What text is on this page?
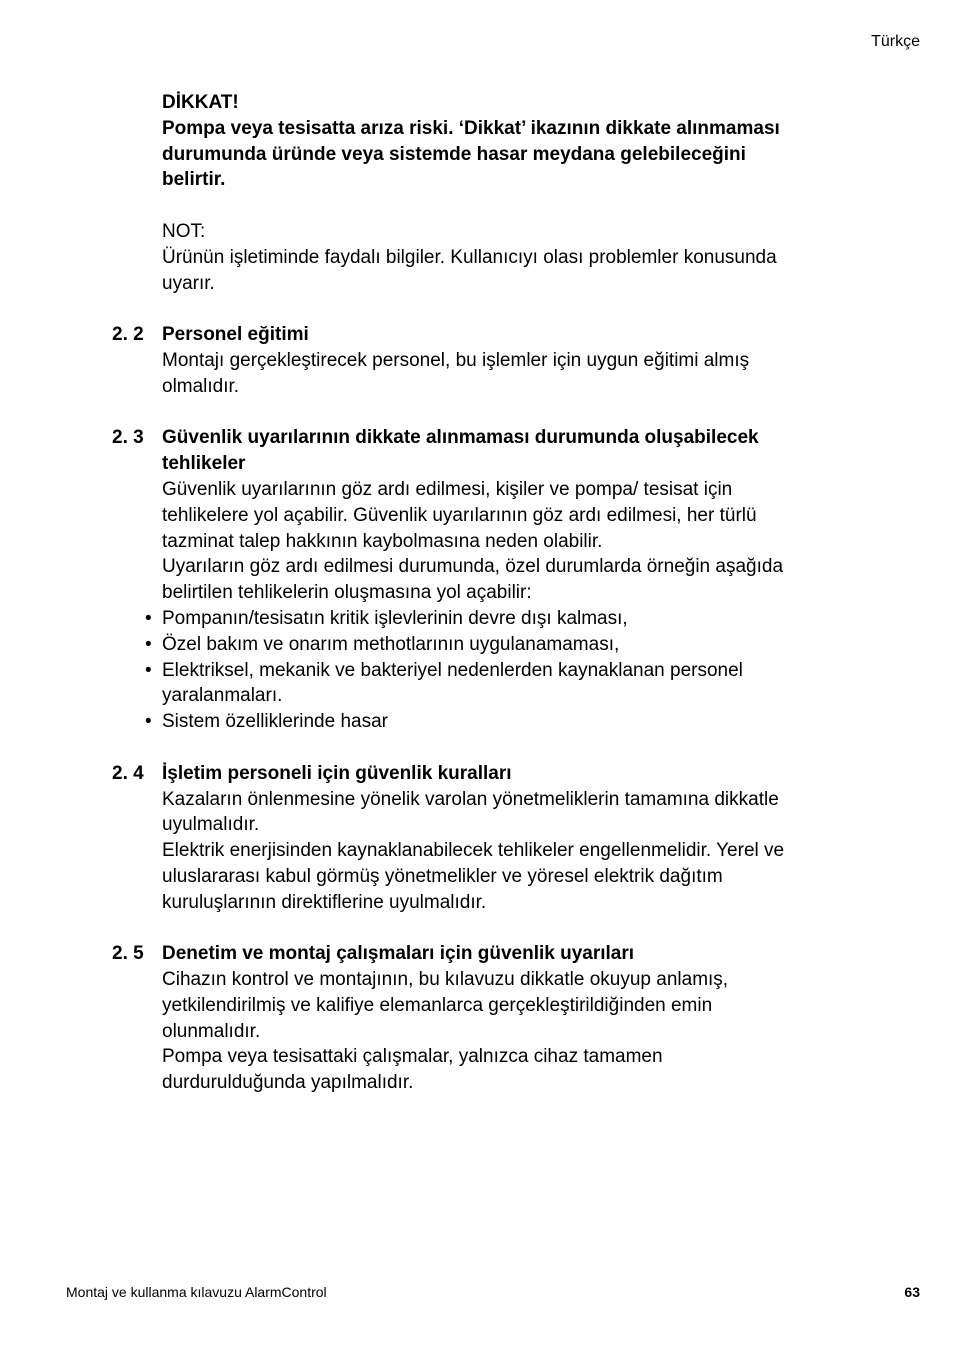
Türkçe
DİKKAT!
Pompa veya tesisatta arıza riski. ‘Dikkat’ ikazının dikkate alınmaması
durumunda üründe veya sistemde hasar meydana gelebileceğini
belirtir.
NOT:
Ürünün işletiminde faydalı bilgiler. Kullanıcıyı olası problemler konusunda
uyarır.
2. 2 Personel eğitimi
Montajı gerçekleştirecek personel, bu işlemler için uygun eğitimi almış
olmalıdır.
2. 3 Güvenlik uyarılarının dikkate alınmaması durumunda oluşabilecek
tehlikeler
Güvenlik uyarılarının göz ardı edilmesi, kişiler ve pompa/ tesisat için
tehlikelere yol açabilir. Güvenlik uyarılarının göz ardı edilmesi, her türlü
tazminat talep hakkının kaybolmasına neden olabilir.
Uyarıların göz ardı edilmesi durumunda, özel durumlarda örneğin aşağıda
belirtilen tehlikelerin oluşmasına yol açabilir:
• Pompanın/tesisatın kritik işlevlerinin devre dışı kalması,
• Özel bakım ve onarım methotlarının uygulanamaması,
• Elektriksel, mekanik ve bakteriyel nedenlerden kaynaklanan personel
yaralanmaları.
• Sistem özelliklerinde hasar
2. 4 İşletim personeli için güvenlik kuralları
Kazaların önlenmesine yönelik varolan yönetmeliklerin tamamına dikkatle
uyulmalıdır.
Elektrik enerjisinden kaynaklanabilecek tehlikeler engellenmelidir. Yerel ve
uluslararası kabul görmüş yönetmelikler ve yöresel elektrik dağıtım
kuruluşlarının direktiflerine uyulmalıdır.
2. 5 Denetim ve montaj çalışmaları için güvenlik uyarıları
Cihazın kontrol ve montajının, bu kılavuzu dikkatle okuyup anlamış,
yetkilendirilmiş ve kalifiye elemanlarca gerçekleştirildiğinden emin
olunmalıdır.
Pompa veya tesisattaki çalışmalar, yalnızca cihaz tamamen
durdurulduğunda yapılmalıdır.
Montaj ve kullanma kılavuzu AlarmControl	63
